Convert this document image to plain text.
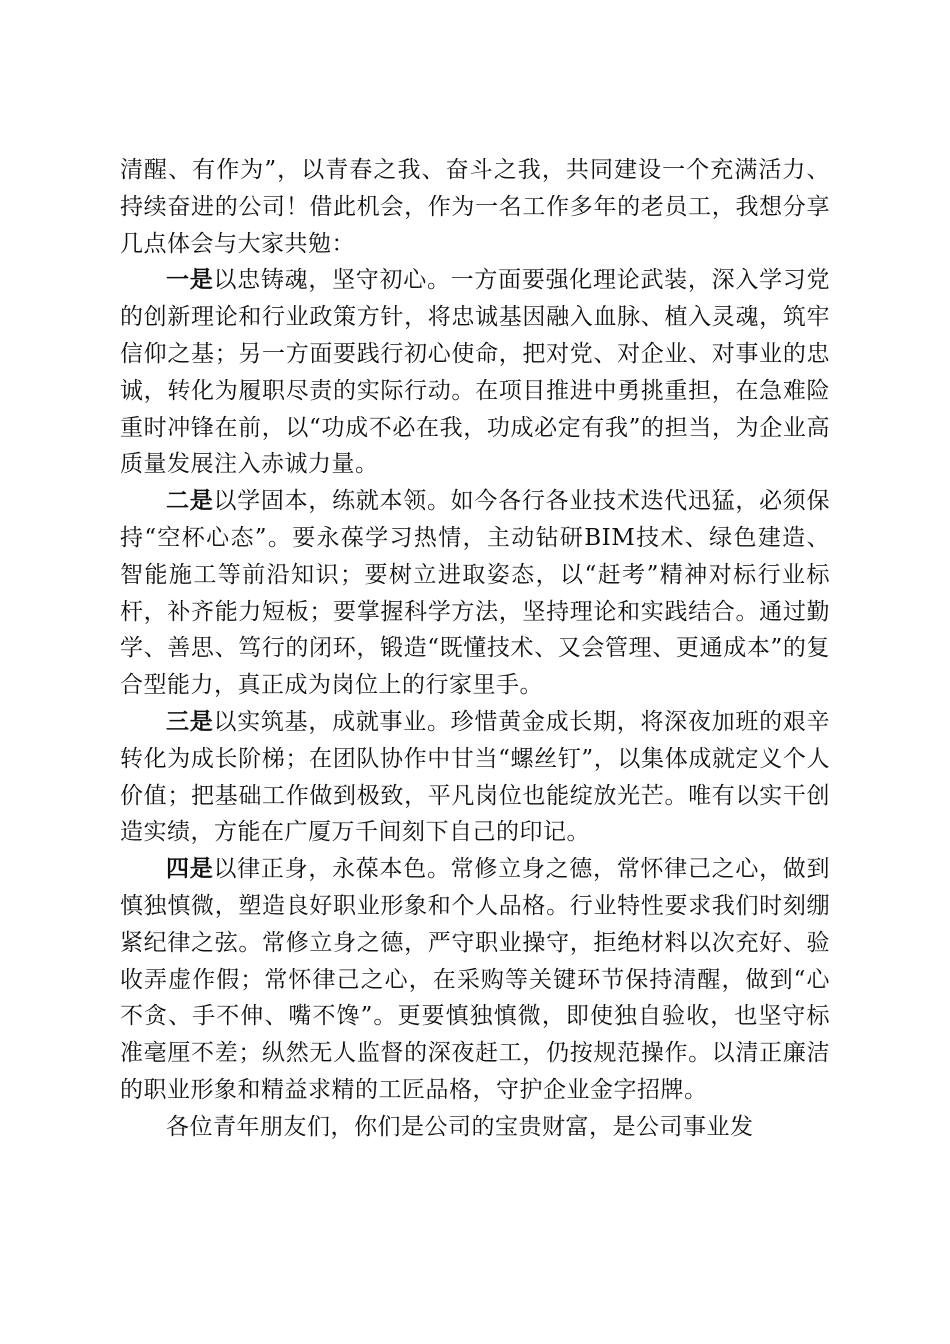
清醒、有作为”，以青春之我、奋斗之我，共同建设一个充满活力、持续奋进的公司！借此机会，作为一名工作多年的老员工，我想分享几点体会与大家共勉：

一是以忠铸魂，坚守初心。一方面要强化理论武装，深入学习党的创新理论和行业政策方针，将忠诚基因融入血脉、植入灵魂，筑牢信仰之基；另一方面要践行初心使命，把对党、对企业、对事业的忠诚，转化为履职尽责的实际行动。在项目推进中勇挑重担，在急难险重时冲锋在前，以“功成不必在我，功成必定有我”的担当，为企业高质量发展注入赤诚力量。

二是以学固本，练就本领。如今各行各业技术迭代迅猛，必须保持“空杯心态”。要永葆学习热情，主动钻研BIM技术、绿色建造、智能施工等前沿知识；要树立进取姿态，以“赶考”精神对标行业标杆，补齐能力短板；要掌握科学方法，坚持理论和实践结合。通过勤学、善思、笃行的闭环，锻造“既懂技术、又会管理、更通成本”的复合型能力，真正成为岗位上的行家里手。

三是以实筑基，成就事业。珍惜黄金成长期，将深夜加班的艰辛转化为成长阶梯；在团队协作中甘当“螺丝钉”，以集体成就定义个人价值；把基础工作做到极致，平凡岗位也能绽放光芒。唯有以实干创造实绩，方能在广厦万千间刻下自己的印记。

四是以律正身，永葆本色。常修立身之德，常怀律己之心，做到慎独慎微，塑造良好职业形象和个人品格。行业特性要求我们时刻绷紧纪律之弦。常修立身之德，严守职业操守，拒绝材料以次充好、验收弄虚作假；常怀律己之心，在采购等关键环节保持清醒，做到“心不贪、手不伸、嘴不馋”。更要慎独慎微，即使独自验收，也坚守标准毫厘不差；纵然无人监督的深夜赶工，仍按规范操作。以清正廉洁的职业形象和精益求精的工匠品格，守护企业金字招牌。

各位青年朋友们，你们是公司的宝贵财富，是公司事业发
